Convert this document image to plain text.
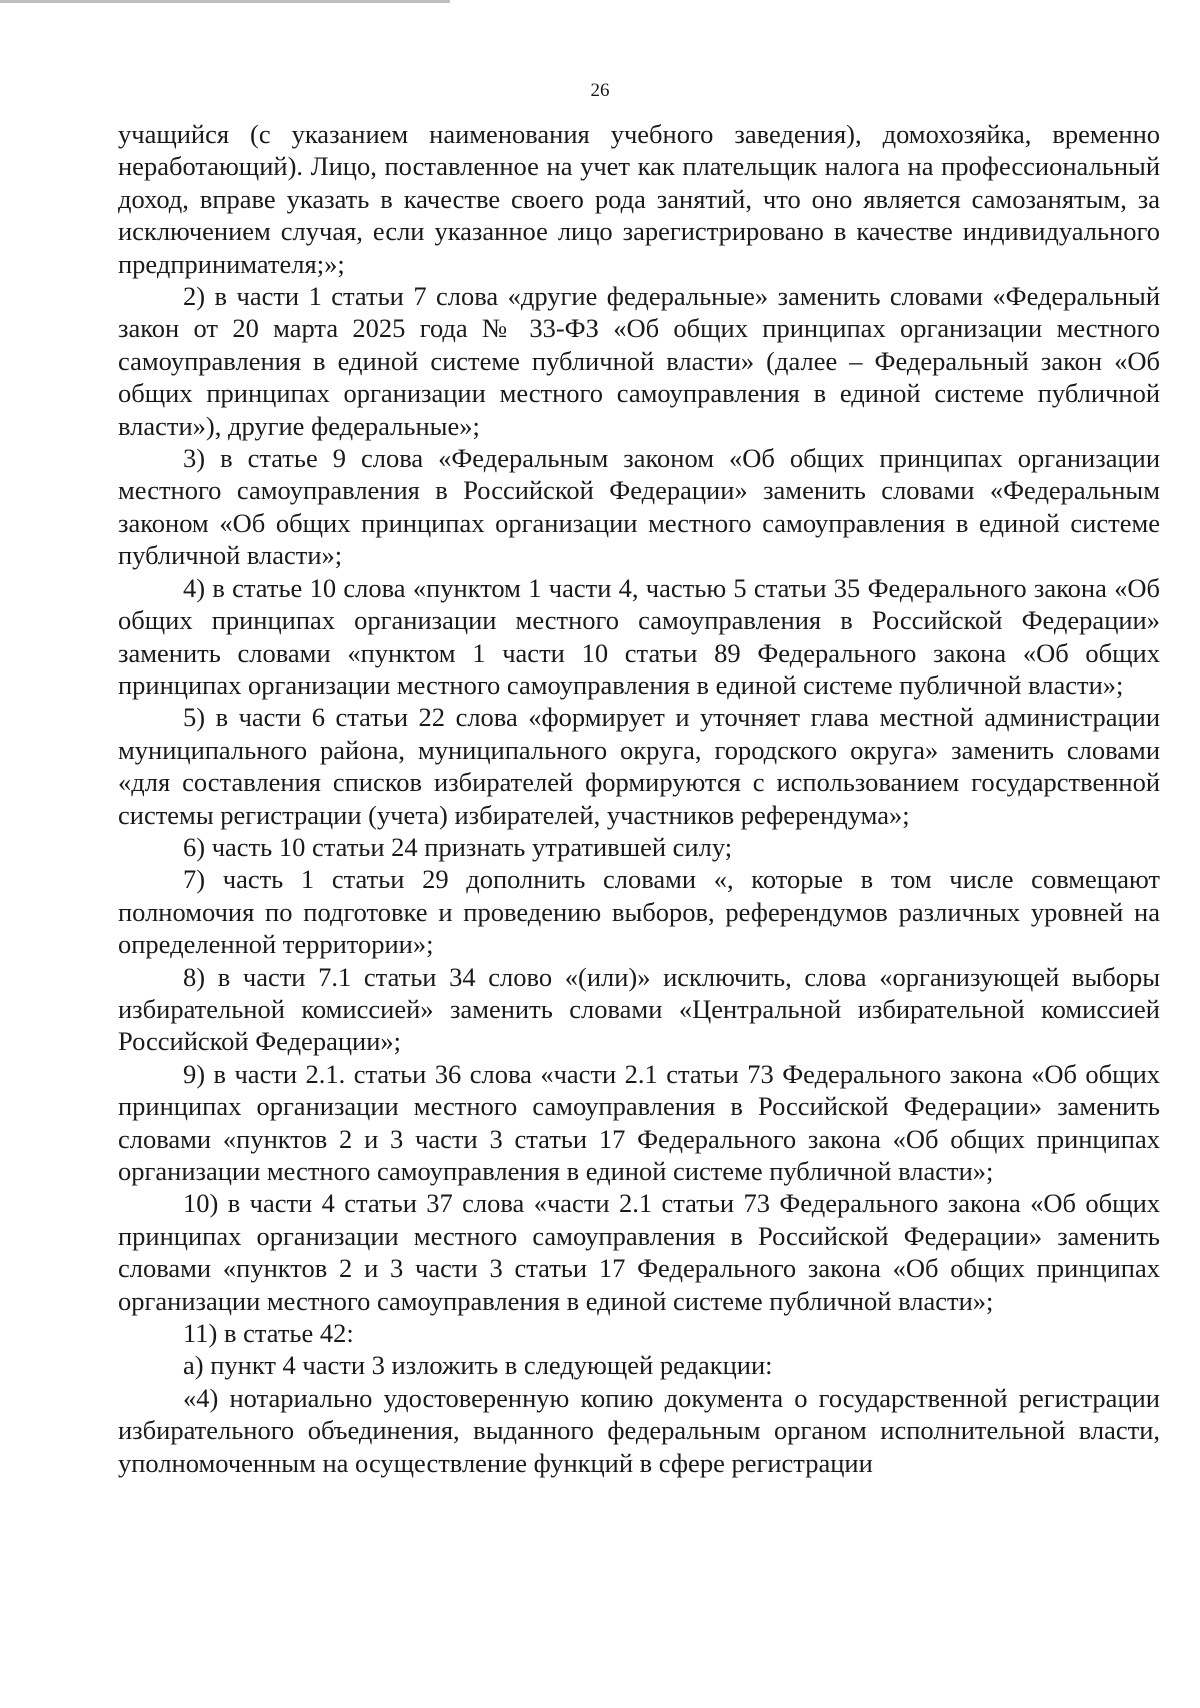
26

учащийся (с указанием наименования учебного заведения), домохозяйка, временно неработающий). Лицо, поставленное на учет как плательщик налога на профессиональный доход, вправе указать в качестве своего рода занятий, что оно является самозанятым, за исключением случая, если указанное лицо зарегистрировано в качестве индивидуального предпринимателя;»;

2) в части 1 статьи 7 слова «другие федеральные» заменить словами «Федеральный закон от 20 марта 2025 года № 33-ФЗ «Об общих принципах организации местного самоуправления в единой системе публичной власти» (далее – Федеральный закон «Об общих принципах организации местного самоуправления в единой системе публичной власти»), другие федеральные»;

3) в статье 9 слова «Федеральным законом «Об общих принципах организации местного самоуправления в Российской Федерации» заменить словами «Федеральным законом «Об общих принципах организации местного самоуправления в единой системе публичной власти»;

4) в статье 10 слова «пунктом 1 части 4, частью 5 статьи 35 Федерального закона «Об общих принципах организации местного самоуправления в Российской Федерации» заменить словами «пунктом 1 части 10 статьи 89 Федерального закона «Об общих принципах организации местного самоуправления в единой системе публичной власти»;

5) в части 6 статьи 22 слова «формирует и уточняет глава местной администрации муниципального района, муниципального округа, городского округа» заменить словами «для составления списков избирателей формируются с использованием государственной системы регистрации (учета) избирателей, участников референдума»;

6) часть 10 статьи 24 признать утратившей силу;

7) часть 1 статьи 29 дополнить словами «, которые в том числе совмещают полномочия по подготовке и проведению выборов, референдумов различных уровней на определенной территории»;

8) в части 7.1 статьи 34 слово «(или)» исключить, слова «организующей выборы избирательной комиссией» заменить словами «Центральной избирательной комиссией Российской Федерации»;

9) в части 2.1. статьи 36 слова «части 2.1 статьи 73 Федерального закона «Об общих принципах организации местного самоуправления в Российской Федерации» заменить словами «пунктов 2 и 3 части 3 статьи 17 Федерального закона «Об общих принципах организации местного самоуправления в единой системе публичной власти»;

10) в части 4 статьи 37 слова «части 2.1 статьи 73 Федерального закона «Об общих принципах организации местного самоуправления в Российской Федерации» заменить словами «пунктов 2 и 3 части 3 статьи 17 Федерального закона «Об общих принципах организации местного самоуправления в единой системе публичной власти»;

11) в статье 42:

а) пункт 4 части 3 изложить в следующей редакции:

«4) нотариально удостоверенную копию документа о государственной регистрации избирательного объединения, выданного федеральным органом исполнительной власти, уполномоченным на осуществление функций в сфере регистрации
